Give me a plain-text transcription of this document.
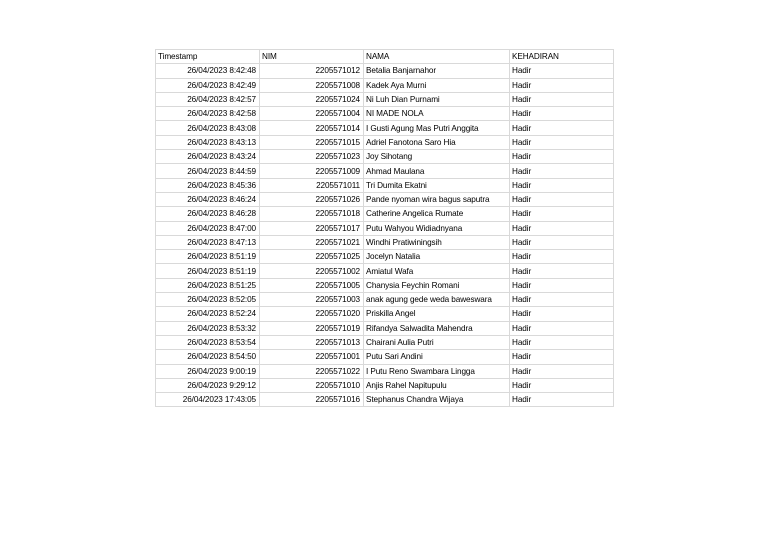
Timestamp	NIM	NAMA	KEHADIRAN
26/04/2023 8:42:48	2205571012	Betalia Banjarnahor	Hadir
26/04/2023 8:42:49	2205571008	Kadek Aya Murni	Hadir
26/04/2023 8:42:57	2205571024	Ni Luh Dian Purnami	Hadir
26/04/2023 8:42:58	2205571004	NI MADE NOLA	Hadir
26/04/2023 8:43:08	2205571014	I Gusti Agung Mas Putri Anggita	Hadir
26/04/2023 8:43:13	2205571015	Adriel Fanotona Saro Hia	Hadir
26/04/2023 8:43:24	2205571023	Joy Sihotang	Hadir
26/04/2023 8:44:59	2205571009	Ahmad Maulana	Hadir
26/04/2023 8:45:36	2205571011	Tri Dumita Ekatni	Hadir
26/04/2023 8:46:24	2205571026	Pande nyoman wira bagus saputra	Hadir
26/04/2023 8:46:28	2205571018	Catherine Angelica Rumate	Hadir
26/04/2023 8:47:00	2205571017	Putu Wahyou Widiadnyana	Hadir
26/04/2023 8:47:13	2205571021	Windhi Pratiwiningsih	Hadir
26/04/2023 8:51:19	2205571025	Jocelyn Natalia	Hadir
26/04/2023 8:51:19	2205571002	Amiatul Wafa	Hadir
26/04/2023 8:51:25	2205571005	Chanysia Feychin Romani	Hadir
26/04/2023 8:52:05	2205571003	anak agung gede weda baweswara	Hadir
26/04/2023 8:52:24	2205571020	Priskilla Angel	Hadir
26/04/2023 8:53:32	2205571019	Rifandya Salwadita Mahendra	Hadir
26/04/2023 8:53:54	2205571013	Chairani Aulia Putri	Hadir
26/04/2023 8:54:50	2205571001	Putu Sari Andini	Hadir
26/04/2023 9:00:19	2205571022	I Putu Reno Swambara Lingga	Hadir
26/04/2023 9:29:12	2205571010	Anjis Rahel Napitupulu	Hadir
26/04/2023 17:43:05	2205571016	Stephanus Chandra Wijaya	Hadir
